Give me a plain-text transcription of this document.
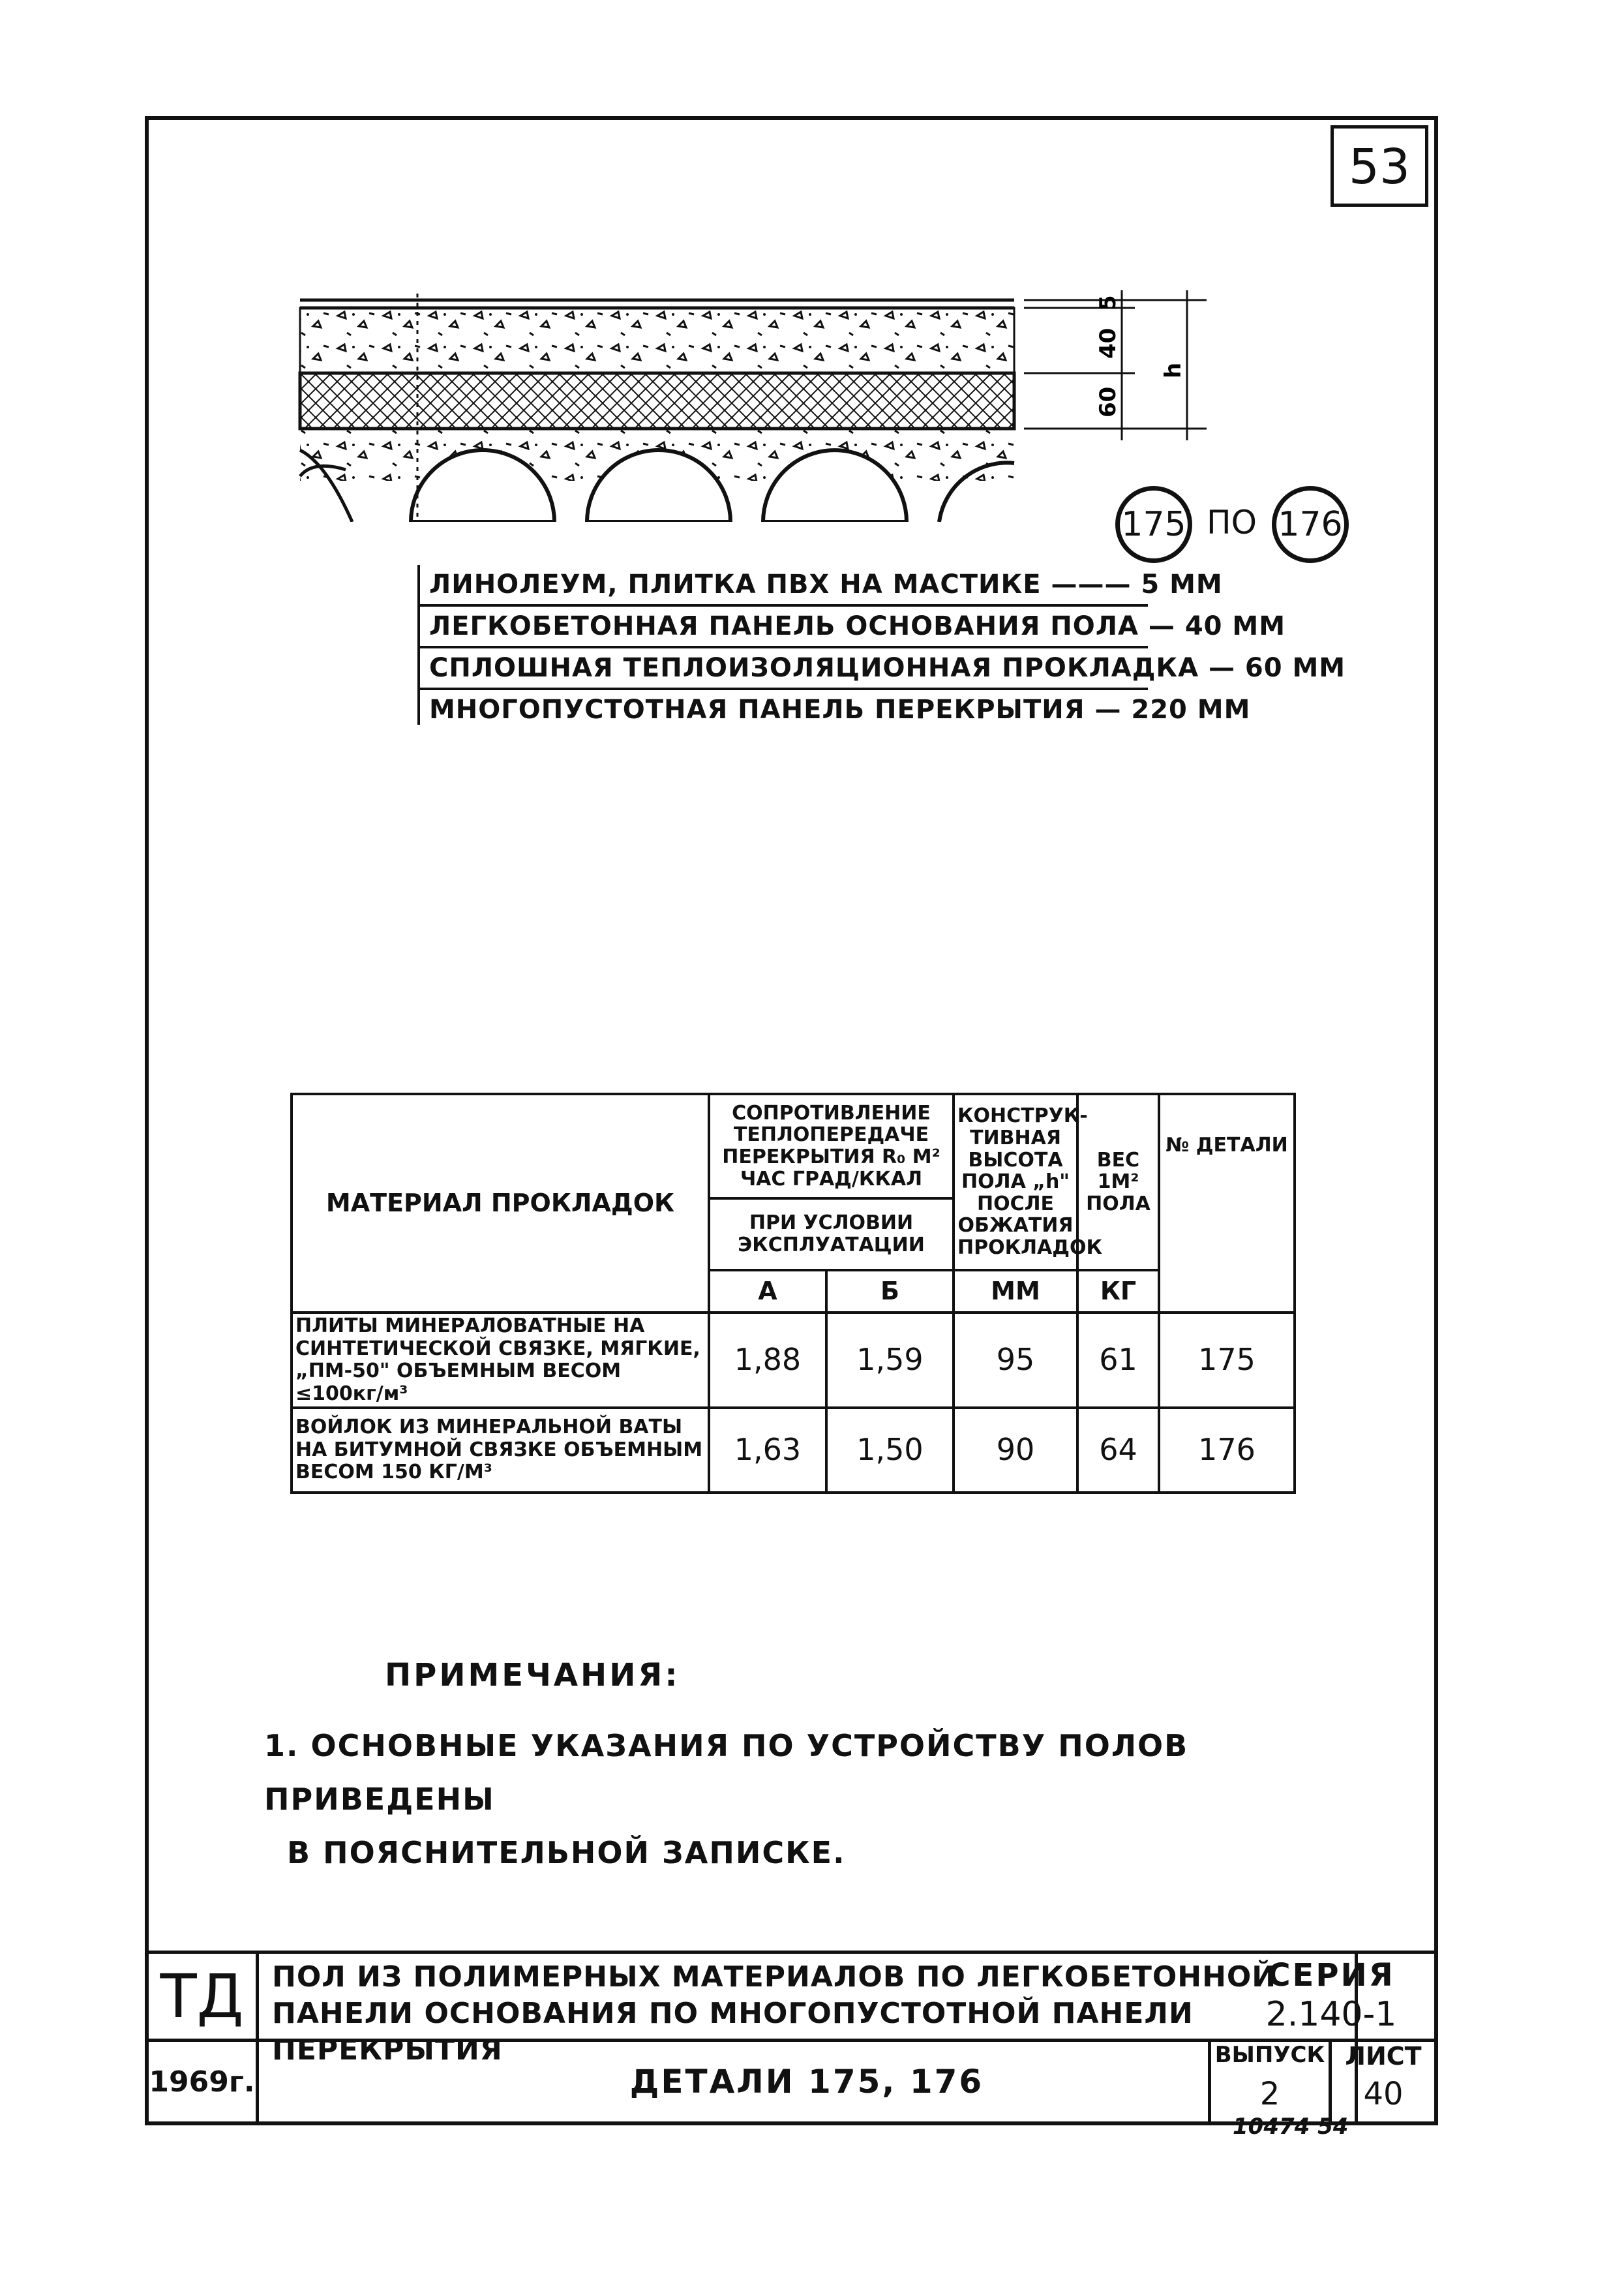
53
5
40
60
h
175 ПО 176
ЛИНОЛЕУМ, ПЛИТКА ПВХ НА МАСТИКЕ ——— 5 ММ
ЛЕГКОБЕТОННАЯ ПАНЕЛЬ ОСНОВАНИЯ ПОЛА — 40 ММ
СПЛОШНАЯ ТЕПЛОИЗОЛЯЦИОННАЯ ПРОКЛАДКА — 60 ММ
МНОГОПУСТОТНАЯ ПАНЕЛЬ ПЕРЕКРЫТИЯ — 220 ММ
МАТЕРИАЛ ПРОКЛАДОК	СОПРОТИВЛЕНИЕ ТЕПЛОПЕРЕДАЧЕ ПЕРЕКРЫТИЯ R₀ М² ЧАС ГРАД/ККАЛ		КОНСТРУК-ТИВНАЯ ВЫСОТА ПОЛА „h" ПОСЛЕ ОБЖАТИЯ ПРОКЛАДОК	ВЕС 1М² ПОЛА	№ ДЕТАЛИ
	ПРИ УСЛОВИИ ЭКСПЛУАТАЦИИ				
	А	Б	ММ	КГ	
ПЛИТЫ МИНЕРАЛОВАТНЫЕ НА СИНТЕТИЧЕСКОЙ СВЯЗКЕ, МЯГКИЕ, „ПМ-50" ОБЪЕМНЫМ ВЕСОМ ≤100кг/м³	1,88	1,59	95	61	175
ВОЙЛОК ИЗ МИНЕРАЛЬНОЙ ВАТЫ НА БИТУМНОЙ СВЯЗКЕ ОБЪЕМНЫМ ВЕСОМ 150 КГ/М³	1,63	1,50	90	64	176
ПРИМЕЧАНИЯ:
1. ОСНОВНЫЕ УКАЗАНИЯ ПО УСТРОЙСТВУ ПОЛОВ ПРИВЕДЕНЫ
В ПОЯСНИТЕЛЬНОЙ ЗАПИСКЕ.
ТД
1969г.
ПОЛ ИЗ ПОЛИМЕРНЫХ МАТЕРИАЛОВ ПО ЛЕГКОБЕТОННОЙ
ПАНЕЛИ ОСНОВАНИЯ ПО МНОГОПУСТОТНОЙ ПАНЕЛИ ПЕРЕКРЫТИЯ
ДЕТАЛИ 175, 176
СЕРИЯ
2.140-1
ВЫПУСК
2
ЛИСТ
40
10474 54
